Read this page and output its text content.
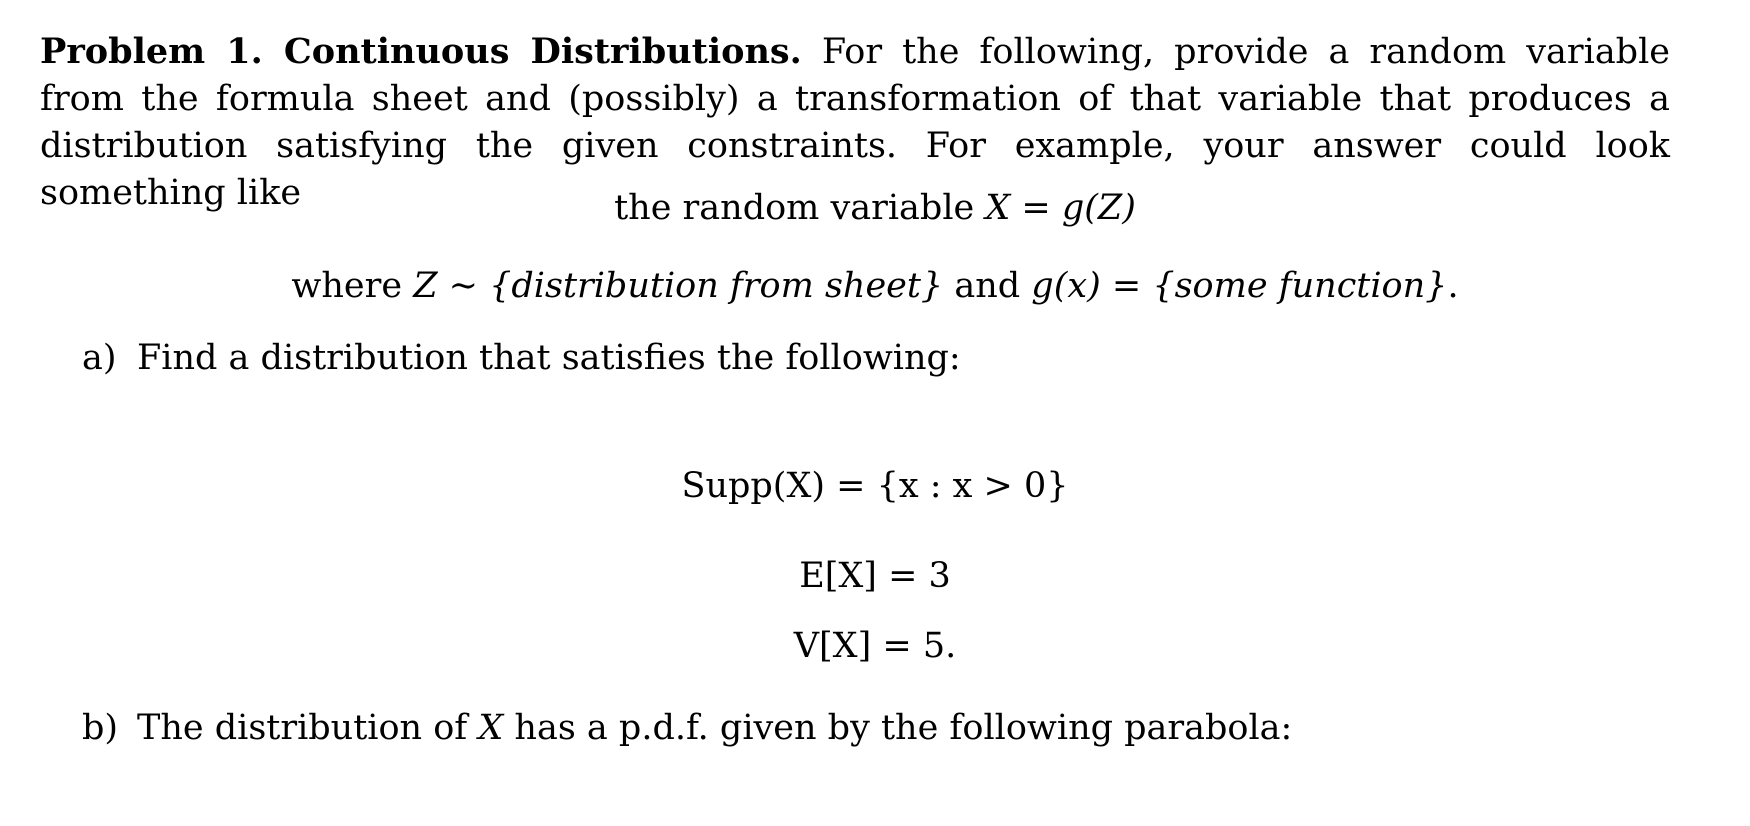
Problem 1. Continuous Distributions. For the following, provide a random variable from the formula sheet and (possibly) a transformation of that variable that produces a distribution satisfying the given constraints. For example, your answer could look something like	the random variable X = g(Z)
where Z ∼ {distribution from sheet} and g(x) = {some function}.
a) Find a distribution that satisfies the following:
Supp(X) = {x : x > 0}
E[X] = 3
V[X] = 5.
b) The distribution of X has a p.d.f. given by the following parabola:
